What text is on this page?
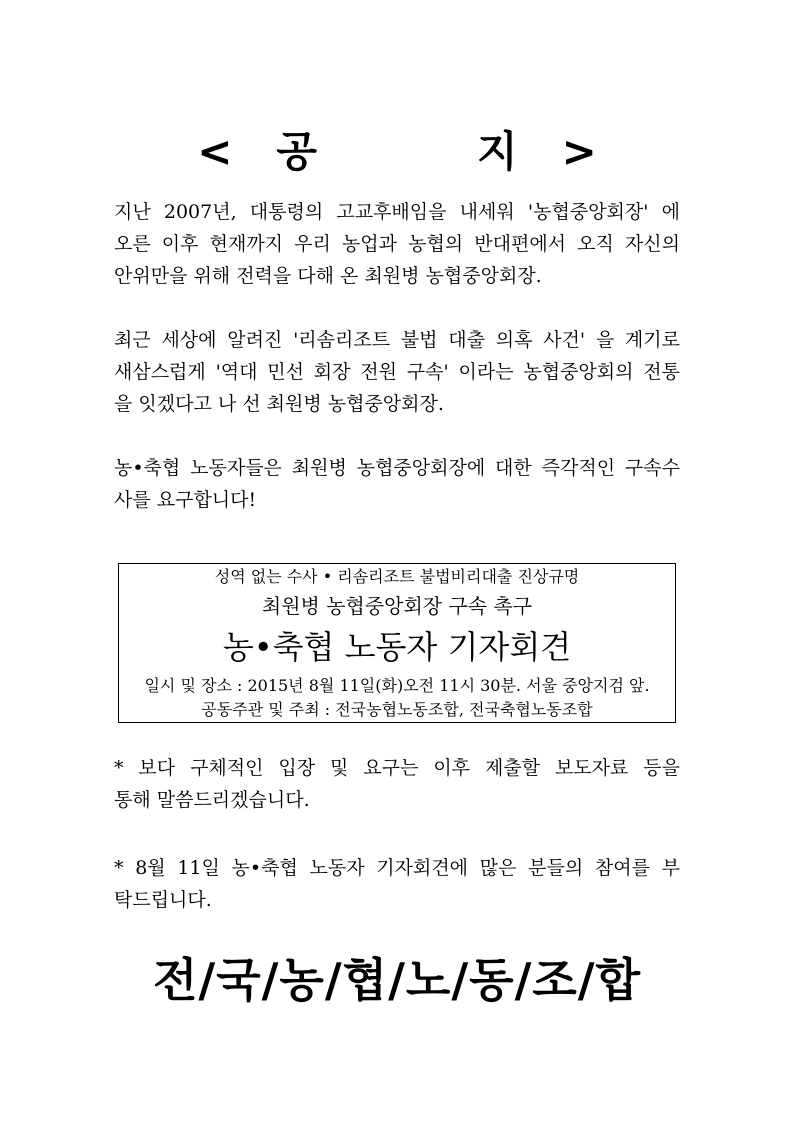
< 공	지 >
지난 2007년, 대통령의 고교후배임을 내세워 '농협중앙회장' 에
오른 이후 현재까지 우리 농업과 농협의 반대편에서 오직 자신의
안위만을 위해 전력을 다해 온 최원병 농협중앙회장.
최근 세상에 알려진 '리솜리조트 불법 대출 의혹 사건' 을 계기로
새삼스럽게 '역대 민선 회장 전원 구속' 이라는 농협중앙회의 전통
을 잇겠다고 나 선 최원병 농협중앙회장.
농•축협 노동자들은 최원병 농협중앙회장에 대한 즉각적인 구속수
사를 요구합니다!
성역 없는 수사 • 리솜리조트 불법비리대출 진상규명
최원병 농협중앙회장 구속 촉구
농•축협 노동자 기자회견
일시 및 장소 : 2015년 8월 11일(화)오전 11시 30분. 서울 중앙지검 앞.
공동주관 및 주최 : 전국농협노동조합, 전국축협노동조합
* 보다 구체적인 입장 및 요구는 이후 제출할 보도자료 등을
통해 말씀드리겠습니다.
* 8월 11일 농•축협 노동자 기자회견에 많은 분들의 참여를 부
탁드립니다.
전/국/농/협/노/동/조/합
